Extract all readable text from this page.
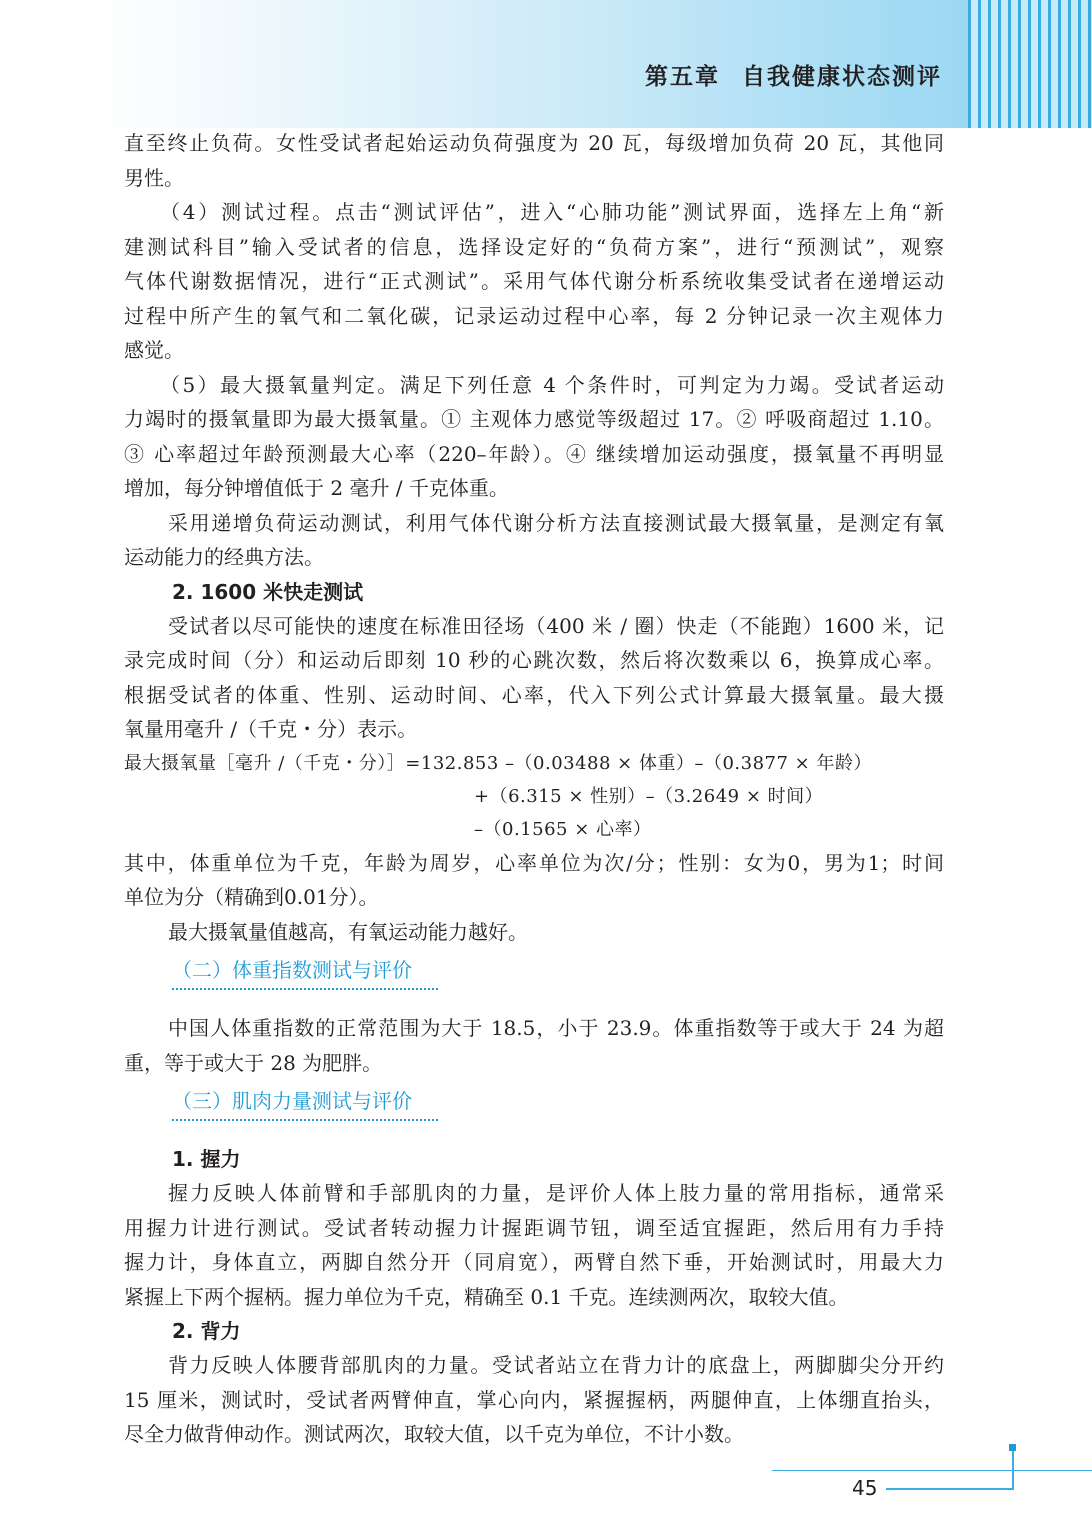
第五章 自我健康状态测评

直至终止负荷。女性受试者起始运动负荷强度为 20 瓦，每级增加负荷 20 瓦，其他同

男性。

（4）测试过程。点击“测试评估”，进入“心肺功能”测试界面，选择左上角“新

建测试科目”输入受试者的信息，选择设定好的“负荷方案”，进行“预测试”，观察

气体代谢数据情况，进行“正式测试”。采用气体代谢分析系统收集受试者在递增运动

过程中所产生的氧气和二氧化碳，记录运动过程中心率，每 2 分钟记录一次主观体力

感觉。

（5）最大摄氧量判定。满足下列任意 4 个条件时，可判定为力竭。受试者运动

力竭时的摄氧量即为最大摄氧量。① 主观体力感觉等级超过 17。② 呼吸商超过 1.10。

③ 心率超过年龄预测最大心率（220–年龄）。④ 继续增加运动强度，摄氧量不再明显

增加，每分钟增值低于 2 毫升 / 千克体重。

采用递增负荷运动测试，利用气体代谢分析方法直接测试最大摄氧量，是测定有氧

运动能力的经典方法。

2. 1600 米快走测试

受试者以尽可能快的速度在标准田径场（400 米 / 圈）快走（不能跑）1600 米，记

录完成时间（分）和运动后即刻 10 秒的心跳次数，然后将次数乘以 6，换算成心率。

根据受试者的体重、性别、运动时间、心率，代入下列公式计算最大摄氧量。最大摄

氧量用毫升 /（千克・分）表示。

最大摄氧量［毫升 /（千克・分）］=132.853 –（0.03488 × 体重）–（0.3877 × 年龄）
+（6.315 × 性别）–（3.2649 × 时间）
–（0.1565 × 心率）

其中，体重单位为千克，年龄为周岁，心率单位为次/分；性别：女为0，男为1；时间

单位为分（精确到0.01分）。

最大摄氧量值越高，有氧运动能力越好。

（二）体重指数测试与评价

中国人体重指数的正常范围为大于 18.5，小于 23.9。体重指数等于或大于 24 为超

重，等于或大于 28 为肥胖。

（三）肌肉力量测试与评价
1. 握力

握力反映人体前臂和手部肌肉的力量，是评价人体上肢力量的常用指标，通常采

用握力计进行测试。受试者转动握力计握距调节钮，调至适宜握距，然后用有力手持

握力计，身体直立，两脚自然分开（同肩宽），两臂自然下垂，开始测试时，用最大力

紧握上下两个握柄。握力单位为千克，精确至 0.1 千克。连续测两次，取较大值。

2. 背力

背力反映人体腰背部肌肉的力量。受试者站立在背力计的底盘上，两脚脚尖分开约

15 厘米，测试时，受试者两臂伸直，掌心向内，紧握握柄，两腿伸直，上体绷直抬头，

尽全力做背伸动作。测试两次，取较大值，以千克为单位，不计小数。

45
